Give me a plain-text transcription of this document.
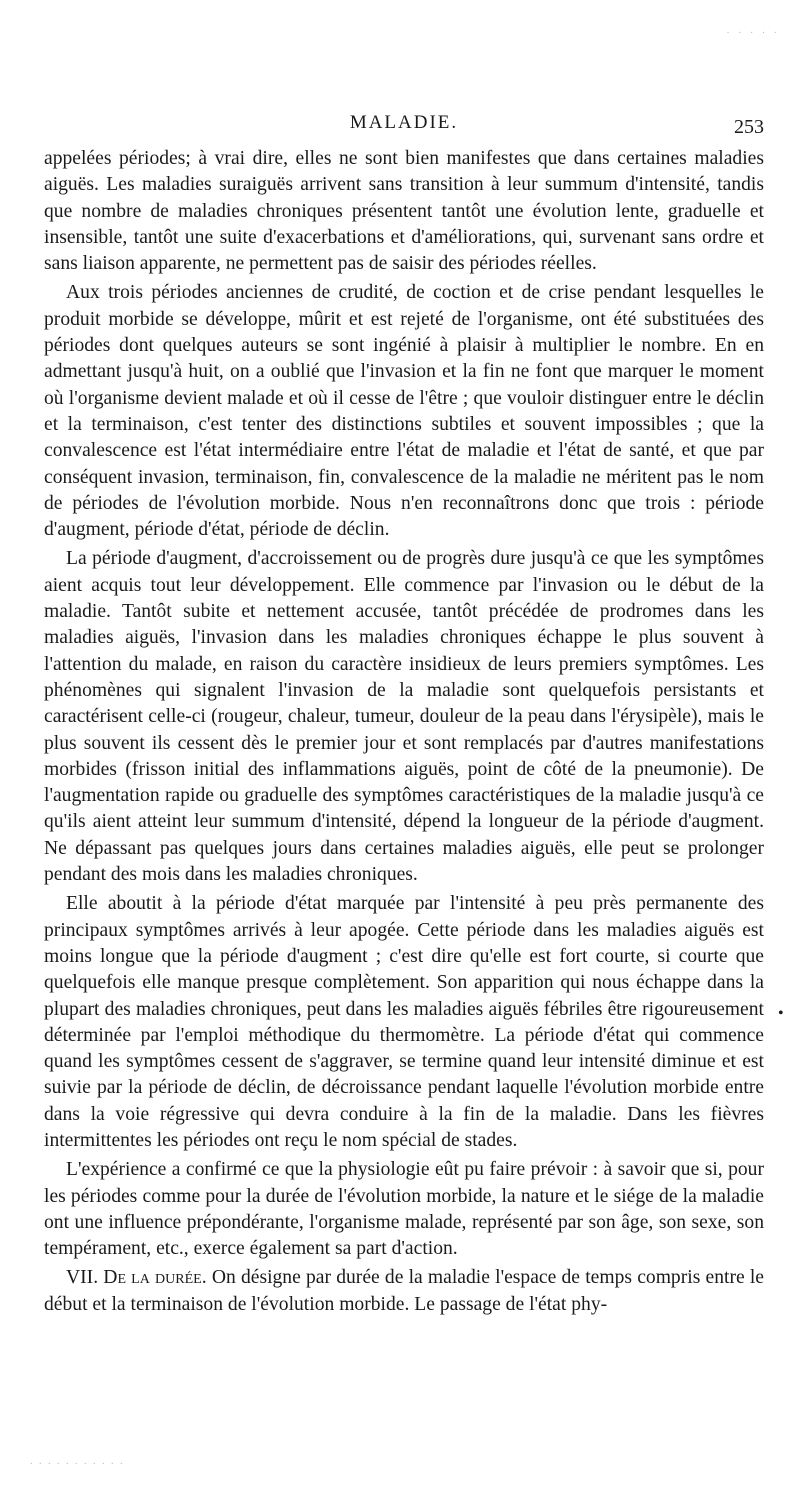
· · · · ·
MALADIE.	253

appelées périodes; à vrai dire, elles ne sont bien manifestes que dans certaines maladies aiguës. Les maladies suraiguës arrivent sans transition à leur summum d'intensité, tandis que nombre de maladies chroniques présentent tantôt une évolution lente, graduelle et insensible, tantôt une suite d'exacerbations et d'améliorations, qui, survenant sans ordre et sans liaison apparente, ne permettent pas de saisir des périodes réelles.

Aux trois périodes anciennes de crudité, de coction et de crise pendant lesquelles le produit morbide se développe, mûrit et est rejeté de l'organisme, ont été substituées des périodes dont quelques auteurs se sont ingénié à plaisir à multiplier le nombre. En en admettant jusqu'à huit, on a oublié que l'invasion et la fin ne font que marquer le moment où l'organisme devient malade et où il cesse de l'être ; que vouloir distinguer entre le déclin et la terminaison, c'est tenter des distinctions subtiles et souvent impossibles ; que la convalescence est l'état intermédiaire entre l'état de maladie et l'état de santé, et que par conséquent invasion, terminaison, fin, convalescence de la maladie ne méritent pas le nom de périodes de l'évolution morbide. Nous n'en reconnaîtrons donc que trois : période d'augment, période d'état, période de déclin.

La période d'augment, d'accroissement ou de progrès dure jusqu'à ce que les symptômes aient acquis tout leur développement. Elle commence par l'invasion ou le début de la maladie. Tantôt subite et nettement accusée, tantôt précédée de prodromes dans les maladies aiguës, l'invasion dans les maladies chroniques échappe le plus souvent à l'attention du malade, en raison du caractère insidieux de leurs premiers symptômes. Les phénomènes qui signalent l'invasion de la maladie sont quelquefois persistants et caractérisent celle-ci (rougeur, chaleur, tumeur, douleur de la peau dans l'érysipèle), mais le plus souvent ils cessent dès le premier jour et sont remplacés par d'autres manifestations morbides (frisson initial des inflammations aiguës, point de côté de la pneumonie). De l'augmentation rapide ou graduelle des symptômes caractéristiques de la maladie jusqu'à ce qu'ils aient atteint leur summum d'intensité, dépend la longueur de la période d'augment. Ne dépassant pas quelques jours dans certaines maladies aiguës, elle peut se prolonger pendant des mois dans les maladies chroniques.

Elle aboutit à la période d'état marquée par l'intensité à peu près permanente des principaux symptômes arrivés à leur apogée. Cette période dans les maladies aiguës est moins longue que la période d'augment ; c'est dire qu'elle est fort courte, si courte que quelquefois elle manque presque complètement. Son apparition qui nous échappe dans la plupart des maladies chroniques, peut dans les maladies aiguës fébriles être rigoureusement déterminée par l'emploi méthodique du thermomètre. La période d'état qui commence quand les symptômes cessent de s'aggraver, se termine quand leur intensité diminue et est suivie par la période de déclin, de décroissance pendant laquelle l'évolution morbide entre dans la voie régressive qui devra conduire à la fin de la maladie. Dans les fièvres intermittentes les périodes ont reçu le nom spécial de stades.

L'expérience a confirmé ce que la physiologie eût pu faire prévoir : à savoir que si, pour les périodes comme pour la durée de l'évolution morbide, la nature et le siége de la maladie ont une influence prépondérante, l'organisme malade, représenté par son âge, son sexe, son tempérament, etc., exerce également sa part d'action.

VII. De la durée. On désigne par durée de la maladie l'espace de temps compris entre le début et la terminaison de l'évolution morbide. Le passage de l'état phy-

•
. . . . . . . . . . .
